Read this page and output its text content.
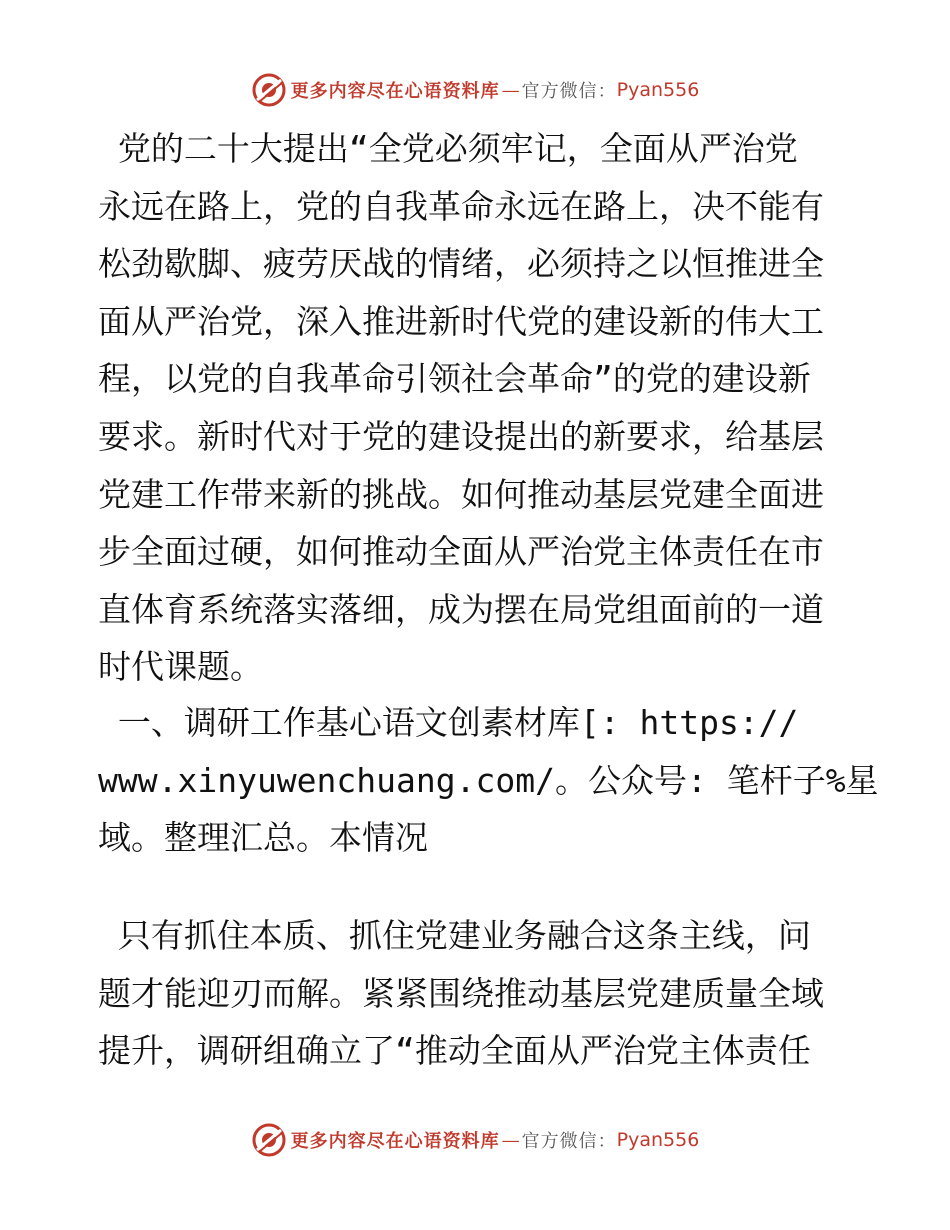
更多内容尽在心语资料库 — 官方微信： Pyan556
党的二十大提出“全党必须牢记，全面从严治党
永远在路上，党的自我革命永远在路上，决不能有
松劲歇脚、疲劳厌战的情绪，必须持之以恒推进全
面从严治党，深入推进新时代党的建设新的伟大工
程，以党的自我革命引领社会革命”的党的建设新
要求。新时代对于党的建设提出的新要求，给基层
党建工作带来新的挑战。如何推动基层党建全面进
步全面过硬，如何推动全面从严治党主体责任在市
直体育系统落实落细，成为摆在局党组面前的一道
时代课题。
一、调研工作基心语文创素材库[: https://
www.xinyuwenchuang.com/。公众号: 笔杆子%星
域。整理汇总。本情况
只有抓住本质、抓住党建业务融合这条主线，问
题才能迎刃而解。紧紧围绕推动基层党建质量全域
提升，调研组确立了“推动全面从严治党主体责任
更多内容尽在心语资料库 — 官方微信： Pyan556
